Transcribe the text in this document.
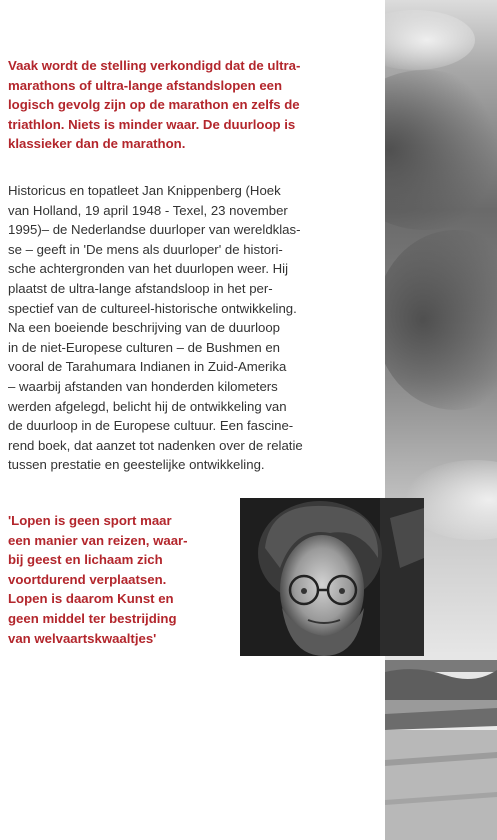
Vaak wordt de stelling verkondigd dat de ultra-
marathons of ultra-lange afstandslopen een
logisch gevolg zijn op de marathon en zelfs de
triathlon. Niets is minder waar. De duurloop is
klassieker dan de marathon.

Historicus en topatleet Jan Knippenberg (Hoek
van Holland, 19 april 1948 - Texel, 23 november
1995)– de Nederlandse duurloper van wereldklas-
se – geeft in 'De mens als duurloper' de histori-
sche achtergronden van het duurlopen weer. Hij
plaatst de ultra-lange afstandsloop in het per-
spectief van de cultureel-historische ontwikkeling.
Na een boeiende beschrijving van de duurloop
in de niet-Europese culturen – de Bushmen en
vooral de Tarahumara Indianen in Zuid-Amerika
– waarbij afstanden van honderden kilometers
werden afgelegd, belicht hij de ontwikkeling van
de duurloop in de Europese cultuur. Een fascine-
rend boek, dat aanzet tot nadenken over de relatie
tussen prestatie en geestelijke ontwikkeling.

'Lopen is geen sport maar
een manier van reizen, waar-
bij geest en lichaam zich
voortdurend verplaatsen.
Lopen is daarom Kunst en
geen middel ter bestrijding
van welvaartskwaaltjes'
